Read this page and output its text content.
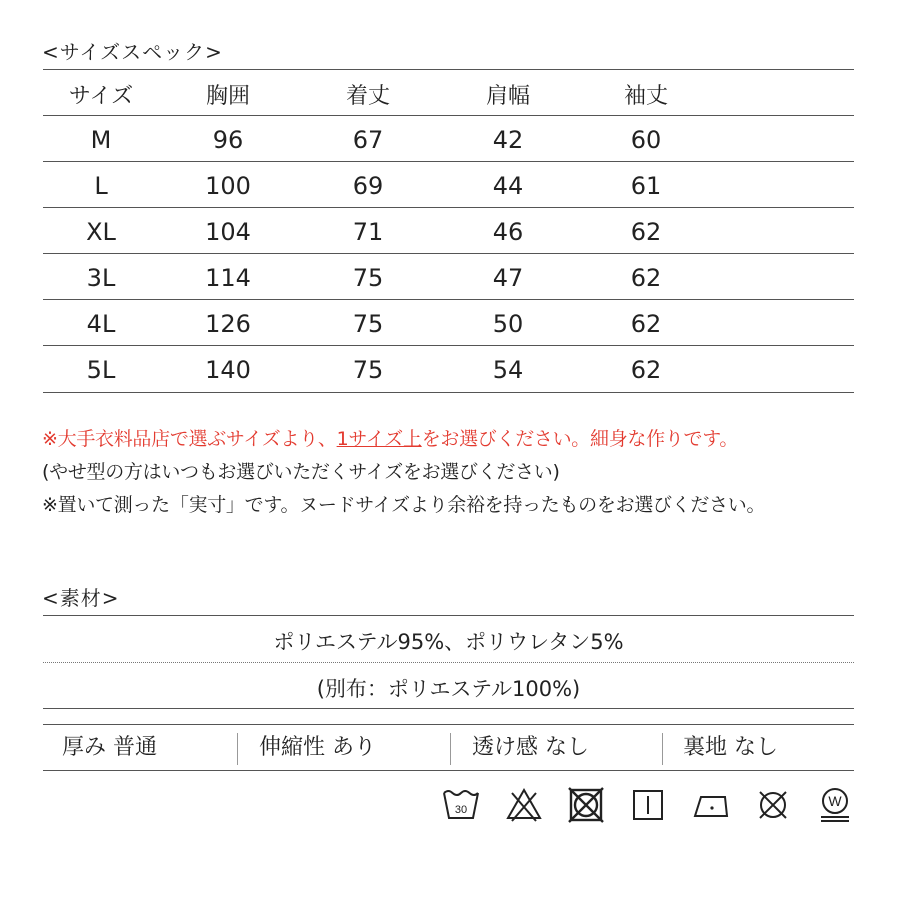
<サイズスペック>
サイズ	胸囲	着丈	肩幅	袖丈
M	96	67	42	60
L	100	69	44	61
XL	104	71	46	62
3L	114	75	47	62
4L	126	75	50	62
5L	140	75	54	62
※大手衣料品店で選ぶサイズより、1サイズ上をお選びください。細身な作りです。
(やせ型の方はいつもお選びいただくサイズをお選びください)
※置いて測った「実寸」です。ヌードサイズより余裕を持ったものをお選びください。
<素材>
ポリエステル95%、ポリウレタン5%
(別布：ポリエステル100%)
厚み 普通	伸縮性 あり	透け感 なし	裏地 なし
30
W
